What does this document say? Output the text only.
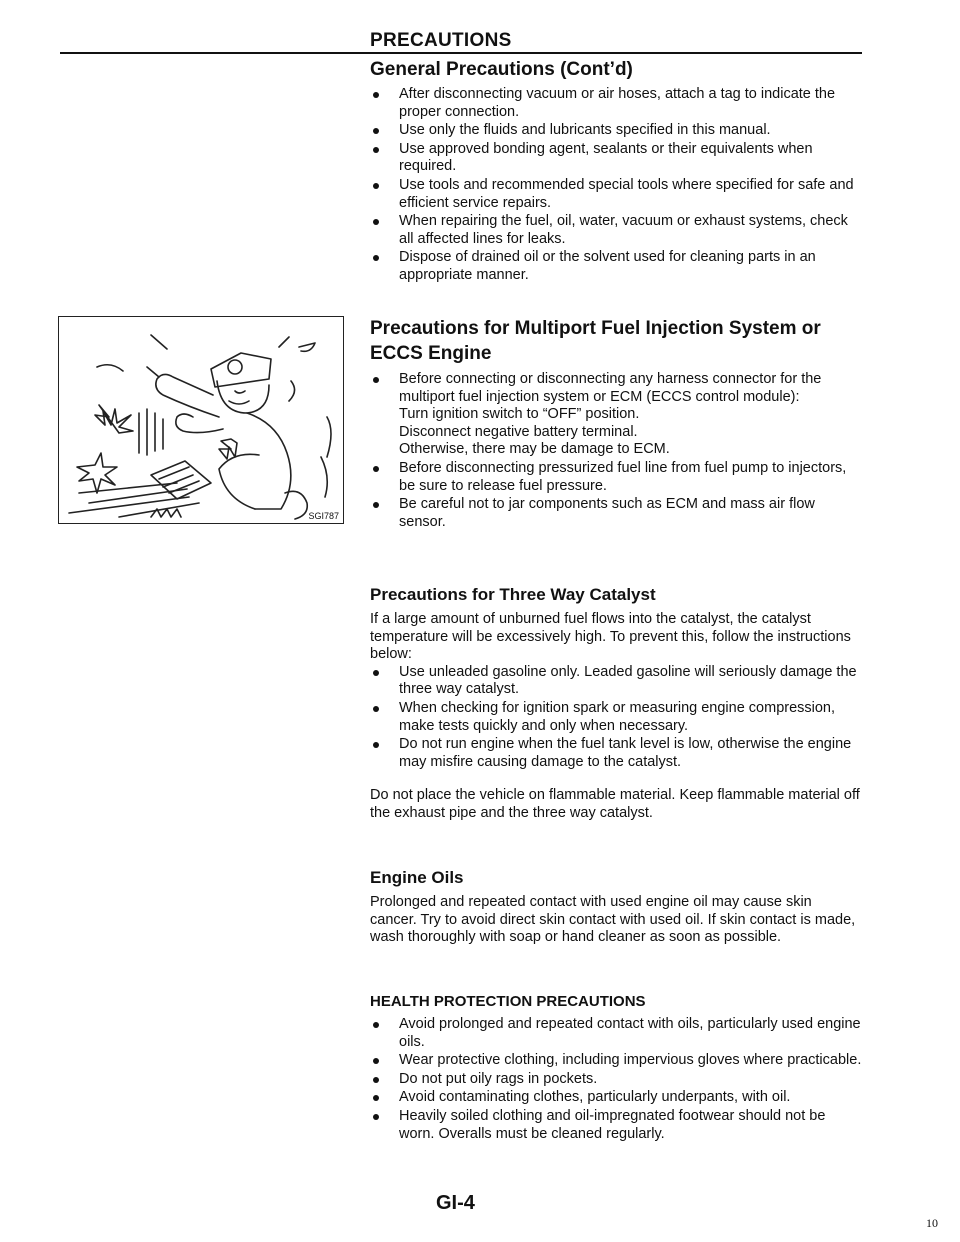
PRECAUTIONS
General Precautions (Cont’d)
After disconnecting vacuum or air hoses, attach a tag to indicate the proper connection.
Use only the fluids and lubricants specified in this manual.
Use approved bonding agent, sealants or their equivalents when required.
Use tools and recommended special tools where specified for safe and efficient service repairs.
When repairing the fuel, oil, water, vacuum or exhaust systems, check all affected lines for leaks.
Dispose of drained oil or the solvent used for cleaning parts in an appropriate manner.
SGI787
Precautions for Multiport Fuel Injection System or ECCS Engine
Before connecting or disconnecting any harness connector for the multiport fuel injection system or ECM (ECCS control module):
Turn ignition switch to “OFF” position.
Disconnect negative battery terminal.
Otherwise, there may be damage to ECM.
Before disconnecting pressurized fuel line from fuel pump to injectors, be sure to release fuel pressure.
Be careful not to jar components such as ECM and mass air flow sensor.
Precautions for Three Way Catalyst

If a large amount of unburned fuel flows into the catalyst, the catalyst temperature will be excessively high. To prevent this, follow the instructions below:

Use unleaded gasoline only. Leaded gasoline will seriously damage the three way catalyst.
When checking for ignition spark or measuring engine compression, make tests quickly and only when necessary.
Do not run engine when the fuel tank level is low, otherwise the engine may misfire causing damage to the catalyst.

Do not place the vehicle on flammable material. Keep flammable material off the exhaust pipe and the three way catalyst.

Engine Oils

Prolonged and repeated contact with used engine oil may cause skin cancer. Try to avoid direct skin contact with used oil. If skin contact is made, wash thoroughly with soap or hand cleaner as soon as possible.

HEALTH PROTECTION PRECAUTIONS
Avoid prolonged and repeated contact with oils, particularly used engine oils.
Wear protective clothing, including impervious gloves where practicable.
Do not put oily rags in pockets.
Avoid contaminating clothes, particularly underpants, with oil.
Heavily soiled clothing and oil-impregnated footwear should not be worn. Overalls must be cleaned regularly.
GI-4
10
